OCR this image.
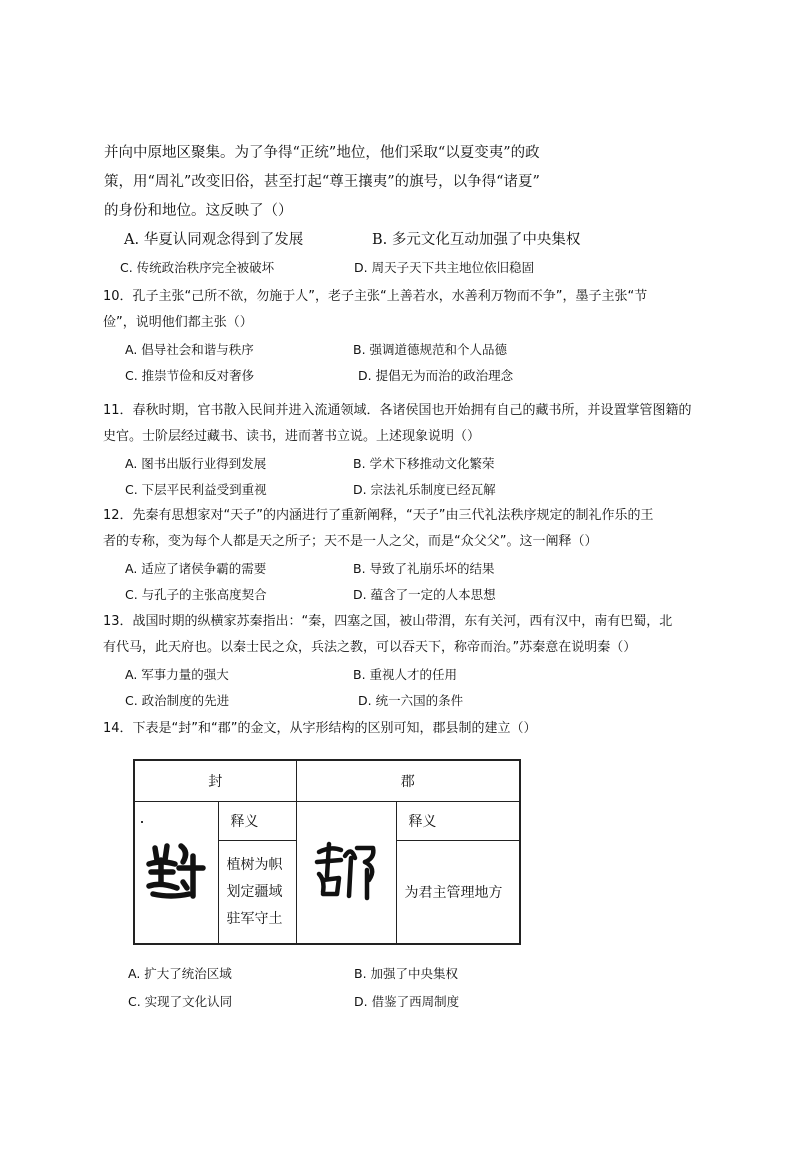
并向中原地区聚集。为了争得“正统”地位，他们采取“以夏变夷”的政
策，用“周礼”改变旧俗，甚至打起“尊王攘夷”的旗号，以争得“诸夏”
的身份和地位。这反映了（）
A. 华夏认同观念得到了发展	B. 多元文化互动加强了中央集权
C. 传统政治秩序完全被破坏	D. 周天子天下共主地位依旧稳固
10．孔子主张“己所不欲，勿施于人”，老子主张“上善若水，水善利万物而不争”，墨子主张“节
俭”，说明他们都主张（）
A. 倡导社会和谐与秩序	B. 强调道德规范和个人品德
C. 推崇节俭和反对奢侈	D. 提倡无为而治的政治理念
11．春秋时期，官书散入民间并进入流通领域．各诸侯国也开始拥有自己的藏书所，并设置掌管图籍的
史官。士阶层经过藏书、读书，进而著书立说。上述现象说明（）
A. 图书出版行业得到发展	B. 学术下移推动文化繁荣
C. 下层平民利益受到重视	D. 宗法礼乐制度已经瓦解
12．先秦有思想家对“天子”的内涵进行了重新阐释，“天子”由三代礼法秩序规定的制礼作乐的王
者的专称，变为每个人都是天之所子；天不是一人之父，而是“众父父”。这一阐释（）
A. 适应了诸侯争霸的需要	B. 导致了礼崩乐坏的结果
C. 与孔子的主张高度契合	D. 蕴含了一定的人本思想
13．战国时期的纵横家苏秦指出：“秦，四塞之国，被山带渭，东有关河，西有汉中，南有巴蜀，北
有代马，此天府也。以秦士民之众，兵法之教，可以吞天下，称帝而治。”苏秦意在说明秦（）
A. 军事力量的强大	B. 重视人才的任用
C. 政治制度的先进	D. 统一六国的条件
14．下表是“封”和“郡”的金文，从字形结构的区别可知，郡县制的建立（）
封		郡	
	释义		释义

	植树为帜
划定疆域
驻军守土		为君主管理地方
A. 扩大了统治区域	B. 加强了中央集权
C. 实现了文化认同	D. 借鉴了西周制度
